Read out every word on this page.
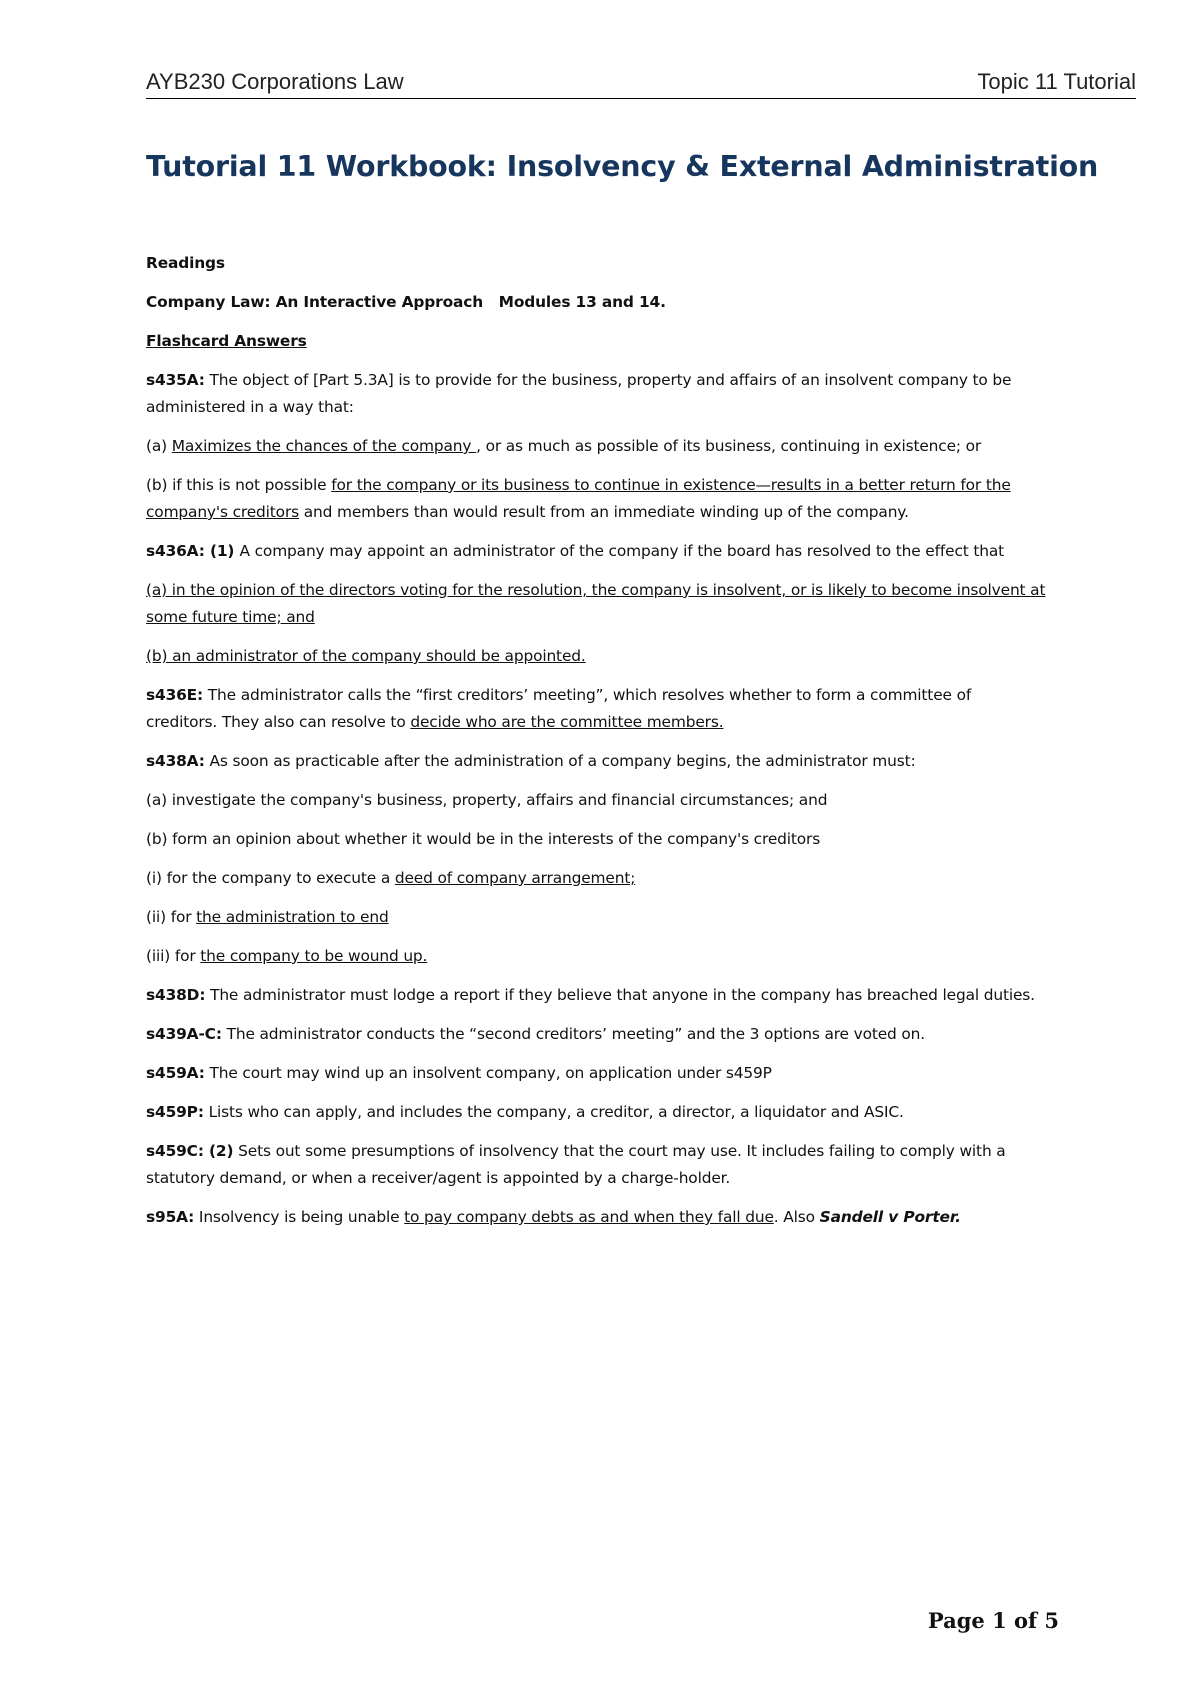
AYB230 Corporations Law	Topic 11 Tutorial
Tutorial 11 Workbook: Insolvency & External Administration

Readings

Company Law: An Interactive Approach Modules 13 and 14.

Flashcard Answers

s435A: The object of [Part 5.3A] is to provide for the business, property and affairs of an insolvent company to be administered in a way that:

(a) Maximizes the chances of the company , or as much as possible of its business, continuing in existence; or

(b) if this is not possible for the company or its business to continue in existence—results in a better return for the company's creditors and members than would result from an immediate winding up of the company.

s436A: (1) A company may appoint an administrator of the company if the board has resolved to the effect that

(a) in the opinion of the directors voting for the resolution, the company is insolvent, or is likely to become insolvent at some future time; and

(b) an administrator of the company should be appointed.

s436E: The administrator calls the “first creditors’ meeting”, which resolves whether to form a committee of creditors. They also can resolve to decide who are the committee members.

s438A: As soon as practicable after the administration of a company begins, the administrator must:

(a) investigate the company's business, property, affairs and financial circumstances; and

(b) form an opinion about whether it would be in the interests of the company's creditors

(i) for the company to execute a deed of company arrangement;

(ii) for the administration to end

(iii) for the company to be wound up.

s438D: The administrator must lodge a report if they believe that anyone in the company has breached legal duties.

s439A-C: The administrator conducts the “second creditors’ meeting” and the 3 options are voted on.

s459A: The court may wind up an insolvent company, on application under s459P

s459P: Lists who can apply, and includes the company, a creditor, a director, a liquidator and ASIC.

s459C: (2) Sets out some presumptions of insolvency that the court may use. It includes failing to comply with a statutory demand, or when a receiver/agent is appointed by a charge-holder.

s95A: Insolvency is being unable to pay company debts as and when they fall due. Also Sandell v Porter.

Page 1 of 5
